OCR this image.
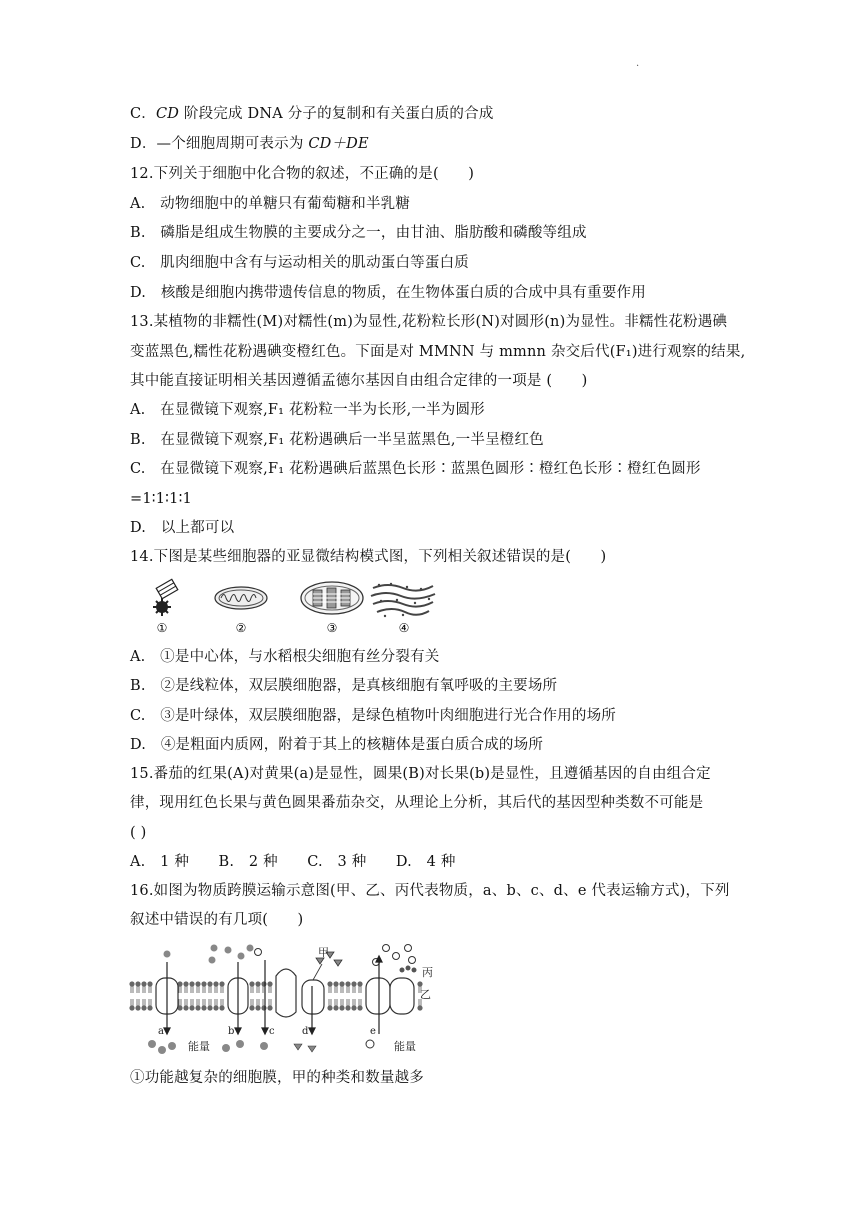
.
C．CD 阶段完成 DNA 分子的复制和有关蛋白质的合成
D．—个细胞周期可表示为 CD＋DE
12.下列关于细胞中化合物的叙述，不正确的是(　　)
A.　动物细胞中的单糖只有葡萄糖和半乳糖
B.　磷脂是组成生物膜的主要成分之一，由甘油、脂肪酸和磷酸等组成
C.　肌肉细胞中含有与运动相关的肌动蛋白等蛋白质
D.　核酸是细胞内携带遗传信息的物质，在生物体蛋白质的合成中具有重要作用
13.某植物的非糯性(M)对糯性(m)为显性,花粉粒长形(N)对圆形(n)为显性。非糯性花粉遇碘
变蓝黑色,糯性花粉遇碘变橙红色。下面是对 MMNN 与 mmnn 杂交后代(F₁)进行观察的结果,
其中能直接证明相关基因遵循孟德尔基因自由组合定律的一项是 (　　)
A.　在显微镜下观察,F₁ 花粉粒一半为长形,一半为圆形
B.　在显微镜下观察,F₁ 花粉遇碘后一半呈蓝黑色,一半呈橙红色
C.　在显微镜下观察,F₁ 花粉遇碘后蓝黑色长形∶蓝黑色圆形∶橙红色长形∶橙红色圆形
=1∶1∶1∶1
D.　以上都可以
14.下图是某些细胞器的亚显微结构模式图，下列相关叙述错误的是(　　)
①	②	③	④
A.　①是中心体，与水稻根尖细胞有丝分裂有关
B.　②是线粒体，双层膜细胞器，是真核细胞有氧呼吸的主要场所
C.　③是叶绿体，双层膜细胞器，是绿色植物叶肉细胞进行光合作用的场所
D.　④是粗面内质网，附着于其上的核糖体是蛋白质合成的场所
15.番茄的红果(A)对黄果(a)是显性，圆果(B)对长果(b)是显性，且遵循基因的自由组合定
律，现用红色长果与黄色圆果番茄杂交，从理论上分析，其后代的基因型种类数不可能是
( )
A.　1 种　　B.　2 种　　C.　3 种　　D.　4 种
16.如图为物质跨膜运输示意图(甲、乙、丙代表物质，a、b、c、d、e 代表运输方式)，下列
叙述中错误的有几项(　　)
a	b	c	d	e
甲
丙
乙
能量	能量
①功能越复杂的细胞膜，甲的种类和数量越多
